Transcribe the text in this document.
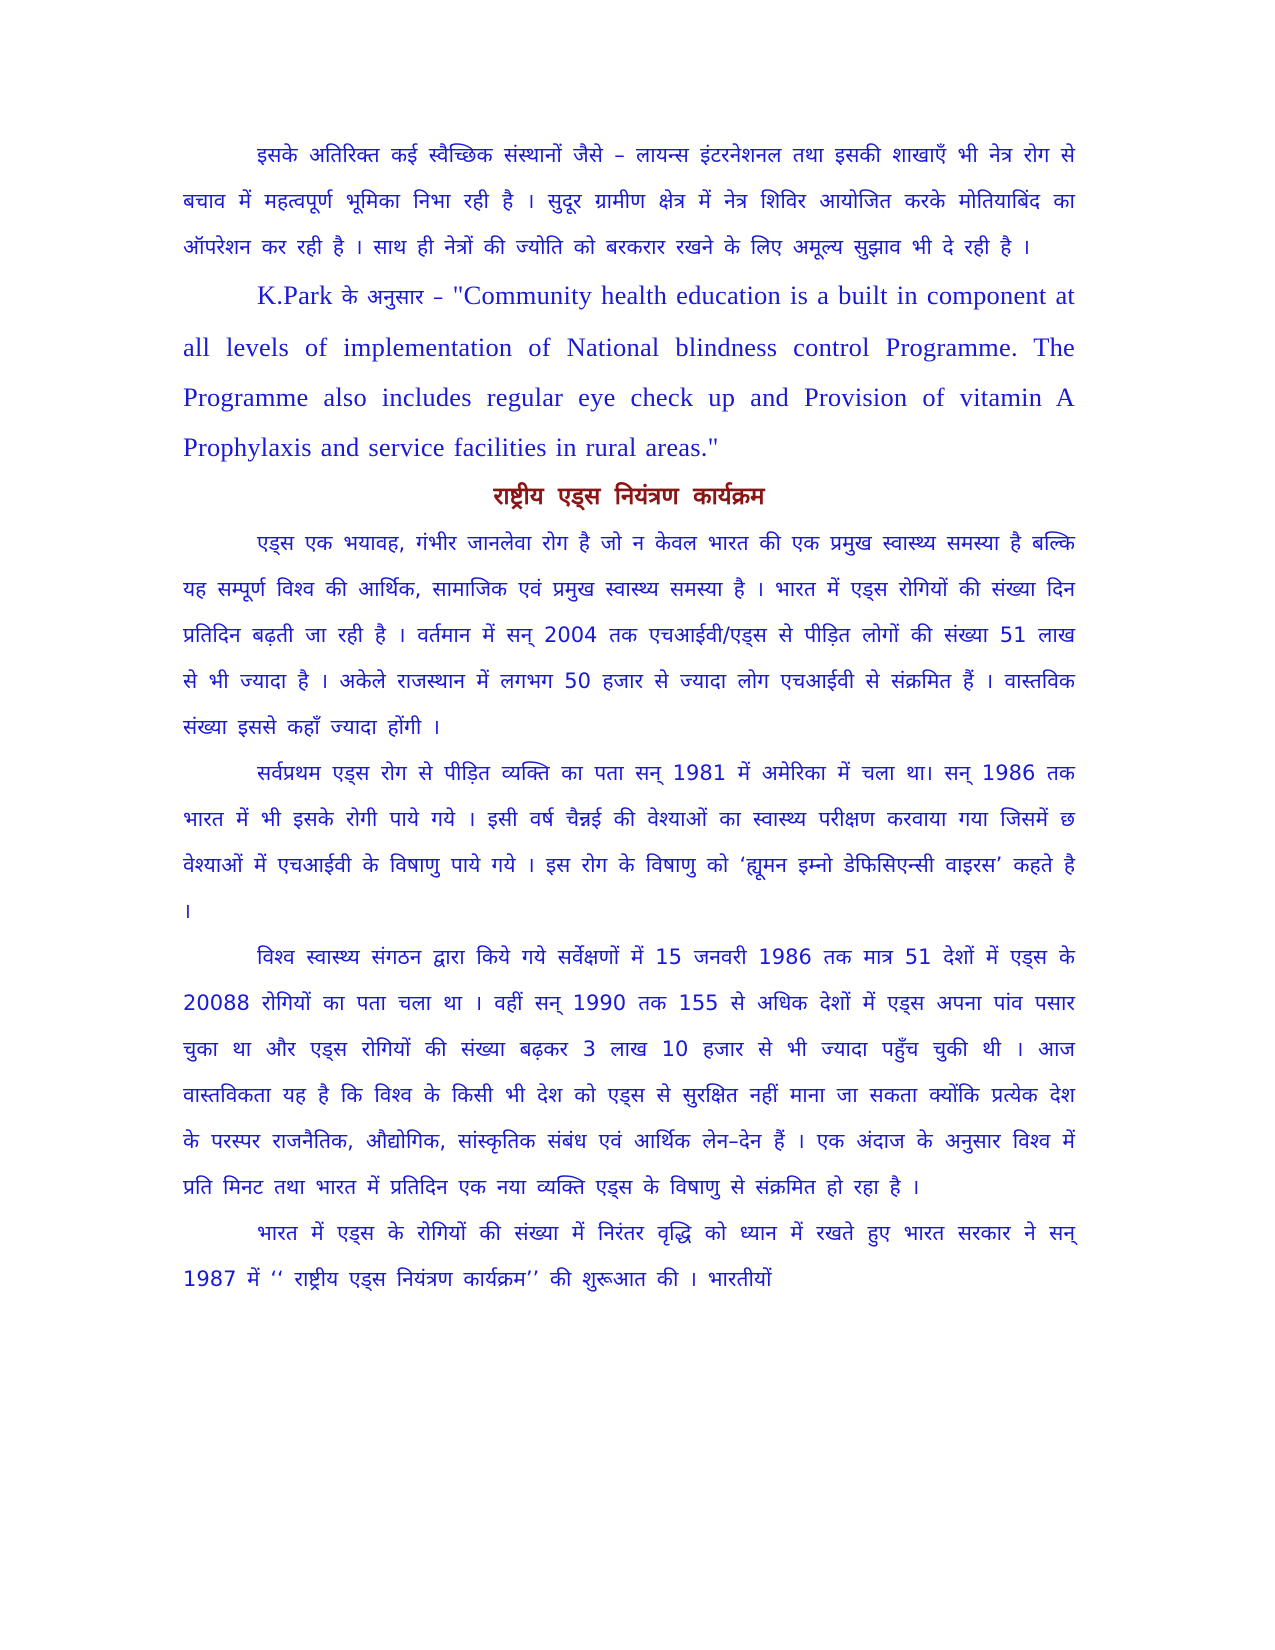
इसके अतिरिक्त कई स्वैच्छिक संस्थानों जैसे – लायन्स इंटरनेशनल तथा इसकी शाखाऍं भी नेत्र रोग से बचाव में महत्वपूर्ण भूमिका निभा रही है । सुदूर ग्रामीण क्षेत्र में नेत्र शिविर आयोजित करके मोतियाबिंद का ऑपरेशन कर रही है । साथ ही नेत्रों की ज्योति को बरकरार रखने के लिए अमूल्य सुझाव भी दे रही है ।

K.Park के अनुसार – "Community health education is a built in component at all levels of implementation of National blindness control Programme. The Programme also includes regular eye check up and Provision of vitamin A Prophylaxis and service facilities in rural areas."

राष्ट्रीय एड्स नियंत्रण कार्यक्रम

एड्स एक भयावह, गंभीर जानलेवा रोग है जो न केवल भारत की एक प्रमुख स्वास्थ्य समस्या है बल्कि यह सम्पूर्ण विश्व की आर्थिक, सामाजिक एवं प्रमुख स्वास्थ्य समस्या है । भारत में एड्स रोगियों की संख्या दिन प्रतिदिन बढ़ती जा रही है । वर्तमान में सन् 2004 तक एचआईवी/एड्स से पीड़ित लोगों की संख्या 51 लाख से भी ज्यादा है । अकेले राजस्थान में लगभग 50 हजार से ज्यादा लोग एचआईवी से संक्रमित हैं । वास्तविक संख्या इससे कहॉं ज्यादा होंगी ।

सर्वप्रथम एड्स रोग से पीड़ित व्यक्ति का पता सन् 1981 में अमेरिका में चला था। सन् 1986 तक भारत में भी इसके रोगी पाये गये । इसी वर्ष चैन्नई की वेश्याओं का स्वास्थ्य परीक्षण करवाया गया जिसमें छ वेश्याओं में एचआईवी के विषाणु पाये गये । इस रोग के विषाणु को ‘ह्यूमन इम्नो डेफिसिएन्सी वाइरस’ कहते है ।

विश्व स्वास्थ्य संगठन द्वारा किये गये सर्वेक्षणों में 15 जनवरी 1986 तक मात्र 51 देशों में एड्स के 20088 रोगियों का पता चला था । वहीं सन् 1990 तक 155 से अधिक देशों में एड्स अपना पांव पसार चुका था और एड्स रोगियों की संख्या बढ़कर 3 लाख 10 हजार से भी ज्यादा पहुॅंच चुकी थी । आज वास्तविकता यह है कि विश्व के किसी भी देश को एड्स से सुरक्षित नहीं माना जा सकता क्योंकि प्रत्येक देश के परस्पर राजनैतिक, औद्योगिक, सांस्कृतिक संबंध एवं आर्थिक लेन–देन हैं । एक अंदाज के अनुसार विश्व में प्रति मिनट तथा भारत में प्रतिदिन एक नया व्यक्ति एड्स के विषाणु से संक्रमित हो रहा है ।

भारत में एड्स के रोगियों की संख्या में निरंतर वृद्धि को ध्यान में रखते हुए भारत सरकार ने सन् 1987 में ‘‘ राष्ट्रीय एड्स नियंत्रण कार्यक्रम’’ की शुरूआत की । भारतीयों
